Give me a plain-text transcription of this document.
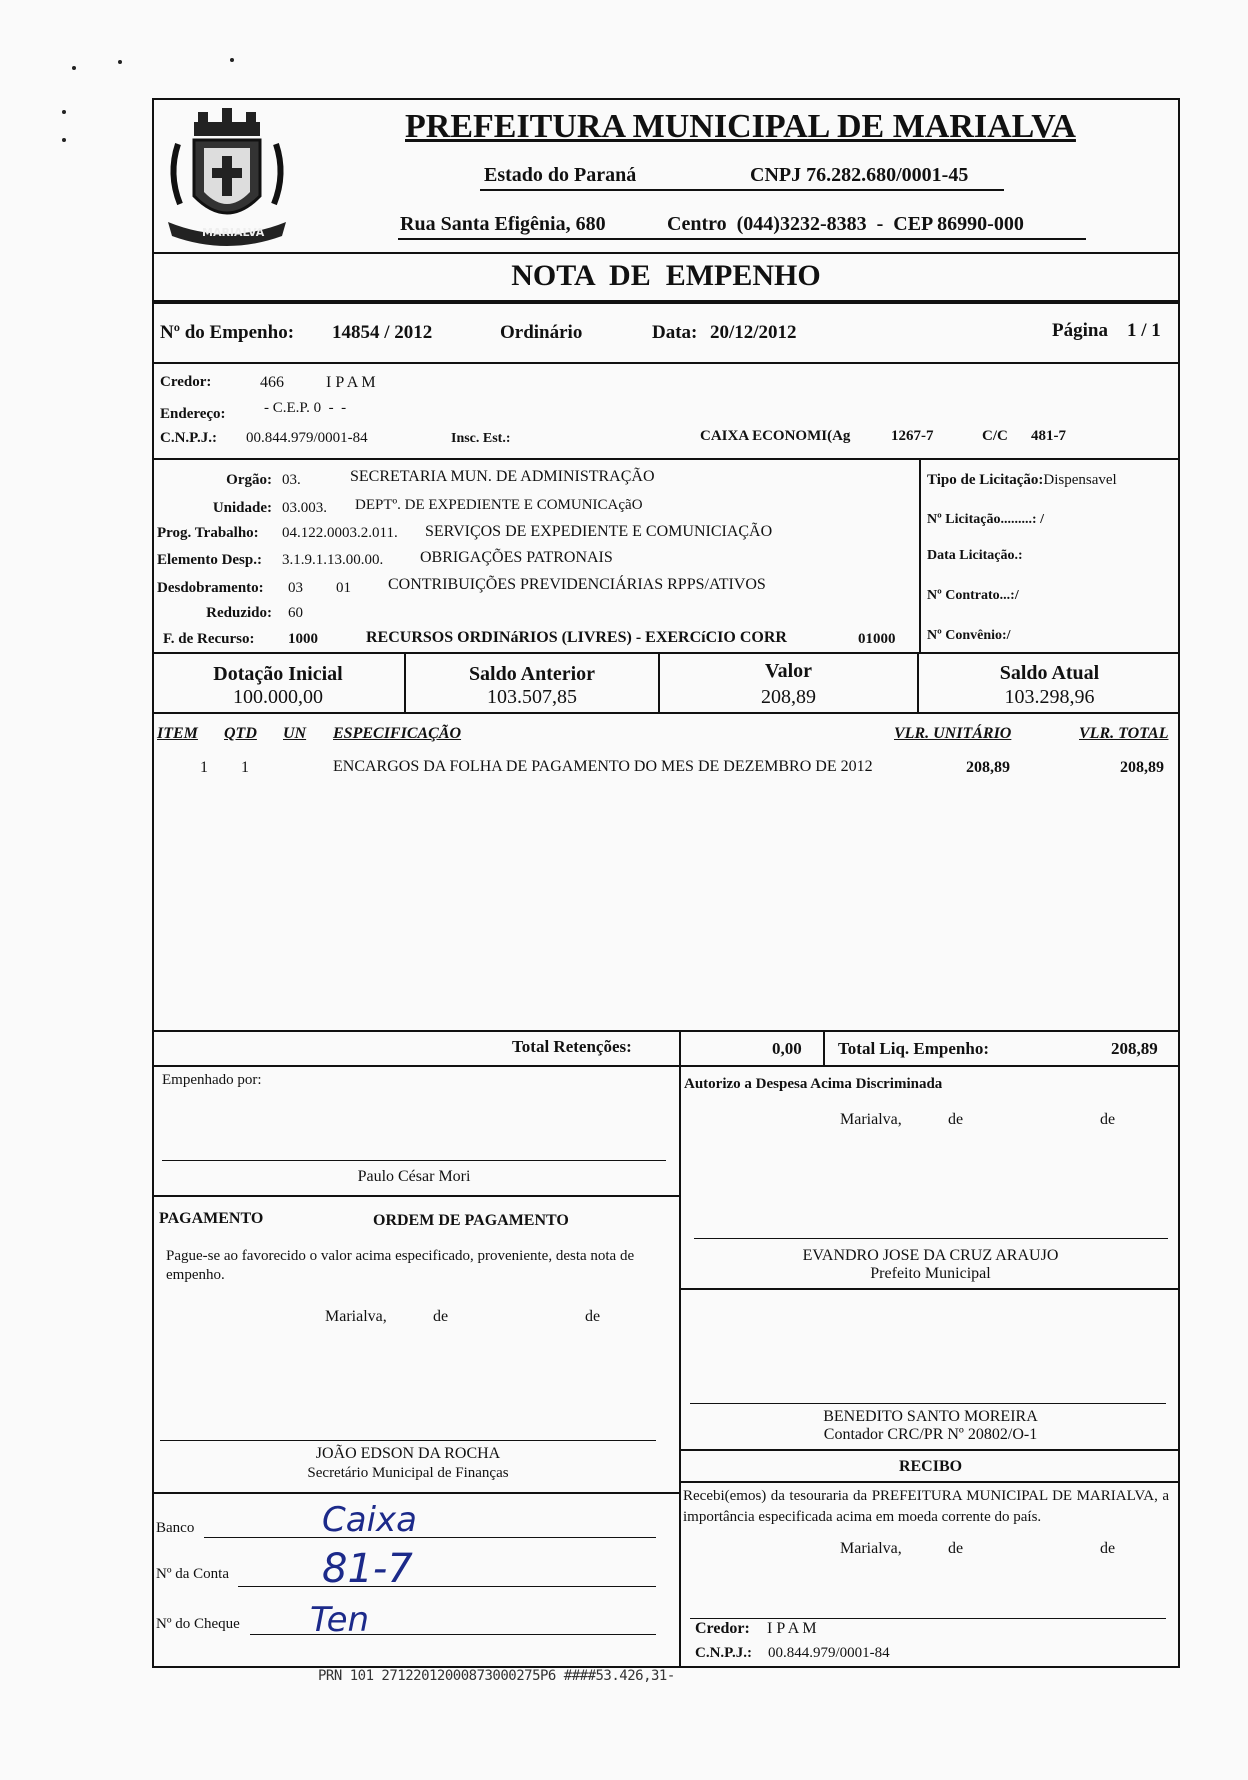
MARIALVA
PREFEITURA MUNICIPAL DE MARIALVA
Estado do Paraná	CNPJ 76.282.680/0001-45
Rua Santa Efigênia, 680	Centro  (044)3232-8383  -  CEP 86990-000
NOTA  DE  EMPENHO
Nº do Empenho: 14854 / 2012	Ordinário	Data: 20/12/2012	Página 1 / 1
Credor:	466	I P A M
Endereço:	- C.E.P. 0  -  -
C.N.P.J.: 00.844.979/0001-84	Insc. Est.:	CAIXA ECONOMI(Ag	1267-7	C/C 481-7
Orgão: 03.	SECRETARIA MUN. DE ADMINISTRAÇÃO
Unidade: 03.003. DEPTº. DE EXPEDIENTE E COMUNICAçãO
Prog. Trabalho: 04.122.0003.2.011. SERVIÇOS DE EXPEDIENTE E COMUNICIAÇÃO
Elemento Desp.: 3.1.9.1.13.00.00. OBRIGAÇÕES PATRONAIS
Desdobramento: 03 01 CONTRIBUIÇÕES PREVIDENCIÁRIAS RPPS/ATIVOS
Reduzido: 60
F. de Recurso: 1000	RECURSOS ORDINáRIOS (LIVRES) - EXERCíCIO CORR	01000
Tipo de Licitação:Dispensavel
Nº Licitação.........: /
Data Licitação.:
Nº Contrato...:/
Nº Convênio:/
Dotação Inicial
100.000,00
Saldo Anterior
103.507,85
Valor
208,89
Saldo Atual
103.298,96
ITEM QTD UN ESPECIFICAÇÃO	VLR. UNITÁRIO	VLR. TOTAL
1 1	ENCARGOS DA FOLHA DE PAGAMENTO DO MES DE DEZEMBRO DE 2012	208,89	208,89
Total Retenções:	0,00 Total Liq. Empenho:	208,89
Empenhado por:
Paulo César Mori
Autorizo a Despesa Acima Discriminada
Marialva,	de	de
EVANDRO JOSE DA CRUZ ARAUJO
Prefeito Municipal
BENEDITO SANTO MOREIRA
Contador CRC/PR Nº 20802/O-1
PAGAMENTO	ORDEM DE PAGAMENTO
Pague-se ao favorecido o valor acima especificado, proveniente, desta nota de empenho.
Marialva,	de	de
JOÃO EDSON DA ROCHA
Secretário Municipal de Finanças
Banco	Caixa
Nº da Conta 81-7
Nº do Cheque Ten
RECIBO
Recebi(emos) da tesouraria da PREFEITURA MUNICIPAL DE MARIALVA, a importância especificada acima em moeda corrente do país.
Marialva,	de	de
Credor: I P A M
C.N.P.J.: 00.844.979/0001-84
PRN 101 27122012000873000275P6 ####53.426,31-
